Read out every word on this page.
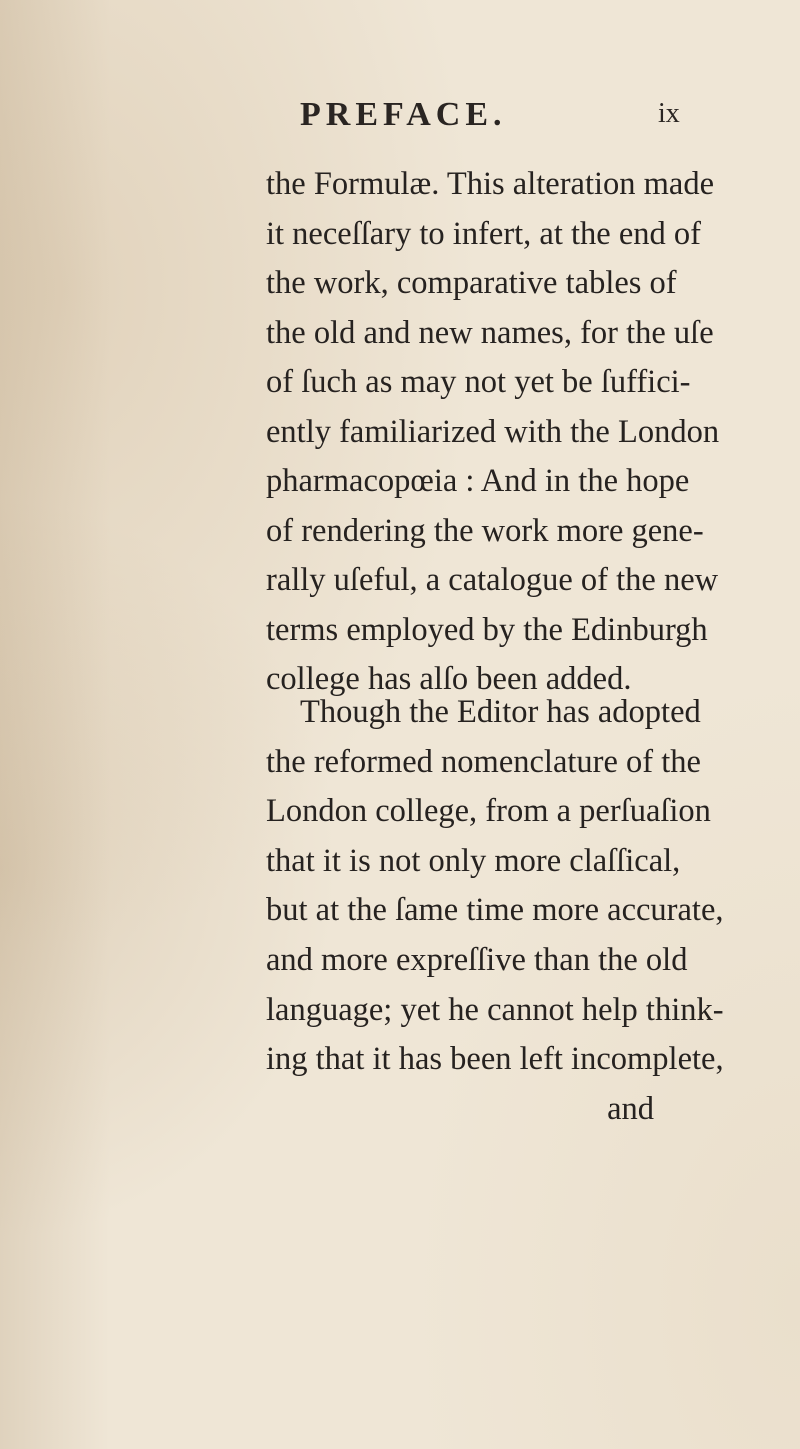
PREFACE.	ix
the Formulæ. This alteration made
it neceſſary to infert, at the end of
the work, comparative tables of
the old and new names, for the uſe
of ſuch as may not yet be ſuffici-
ently familiarized with the London
pharmacopœia : And in the hope
of rendering the work more gene-
rally uſeful, a catalogue of the new
terms employed by the Edinburgh
college has alſo been added.
Though the Editor has adopted
the reformed nomenclature of the
London college, from a perſuaſion
that it is not only more claſſical,
but at the ſame time more accurate,
and more expreſſive than the old
language; yet he cannot help think-
ing that it has been left incomplete,
and
